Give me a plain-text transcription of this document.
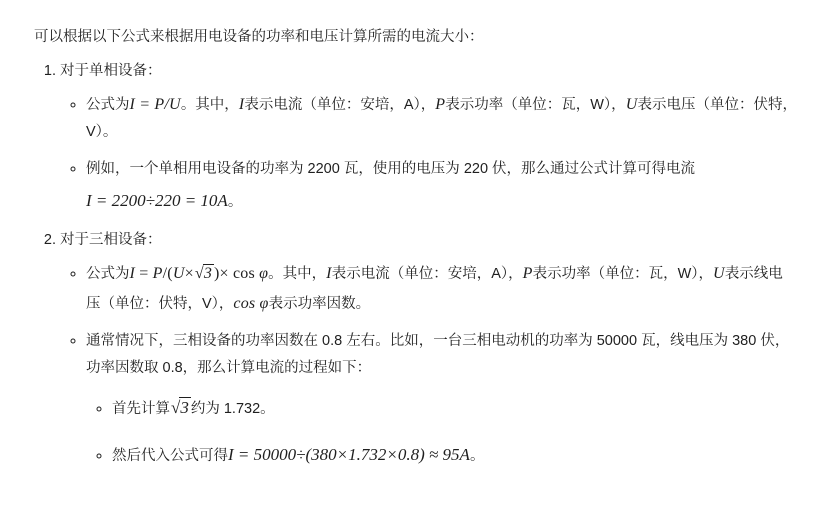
可以根据以下公式来根据用电设备的功率和电压计算所需的电流大小：

1. 对于单相设备：
◦ 公式为I = P/U。其中，I表示电流（单位：安培，A），P表示功率（单位：瓦，W），U表示电压（单位：伏特，V）。
◦ 例如，一个单相用电设备的功率为 2200 瓦，使用的电压为 220 伏，那么通过公式计算可得电流 I = 2200÷220 = 10A。
2. 对于三相设备：
◦ 公式为I = P/(U×√3 )× cos φ。其中，I表示电流（单位：安培，A），P表示功率（单位：瓦，W），U表示线电压（单位：伏特，V），cos φ表示功率因数。
◦ 通常情况下，三相设备的功率因数在 0.8 左右。比如，一台三相电动机的功率为 50000 瓦，线电压为 380 伏，功率因数取 0.8，那么计算电流的过程如下：
◦ 首先计算√3 约为 1.732。
◦ 然后代入公式可得I = 50000÷(380×1.732×0.8) ≈ 95A。
